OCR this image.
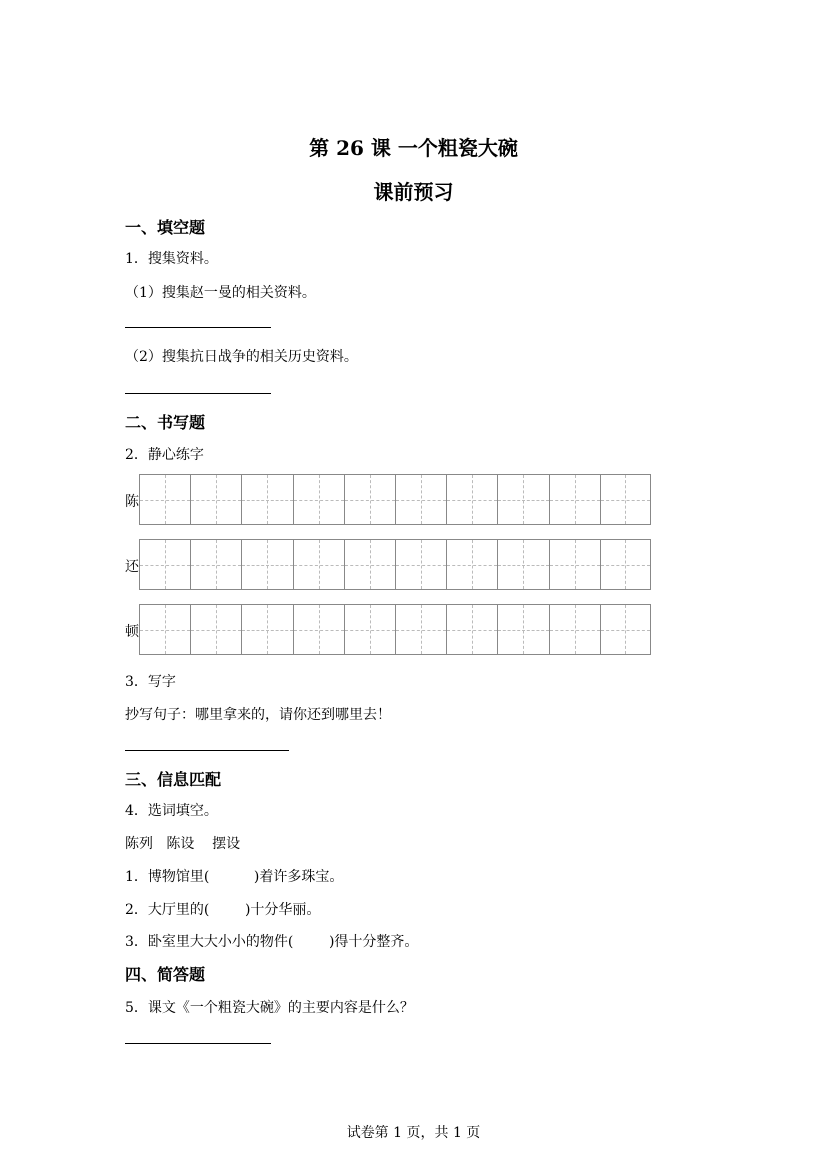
第 26 课 一个粗瓷大碗
课前预习
一、填空题
1．搜集资料。
（1）搜集赵一曼的相关资料。
（2）搜集抗日战争的相关历史资料。
二、书写题
2．静心练字
陈
还
顿
3．写字
抄写句子：哪里拿来的，请你还到哪里去！
三、信息匹配
4．选词填空。
陈列   陈设    摆设
1．博物馆里(          )着许多珠宝。
2．大厅里的(        )十分华丽。
3．卧室里大大小小的物件(        )得十分整齐。
四、简答题
5．课文《一个粗瓷大碗》的主要内容是什么？
试卷第 1 页，共 1 页
